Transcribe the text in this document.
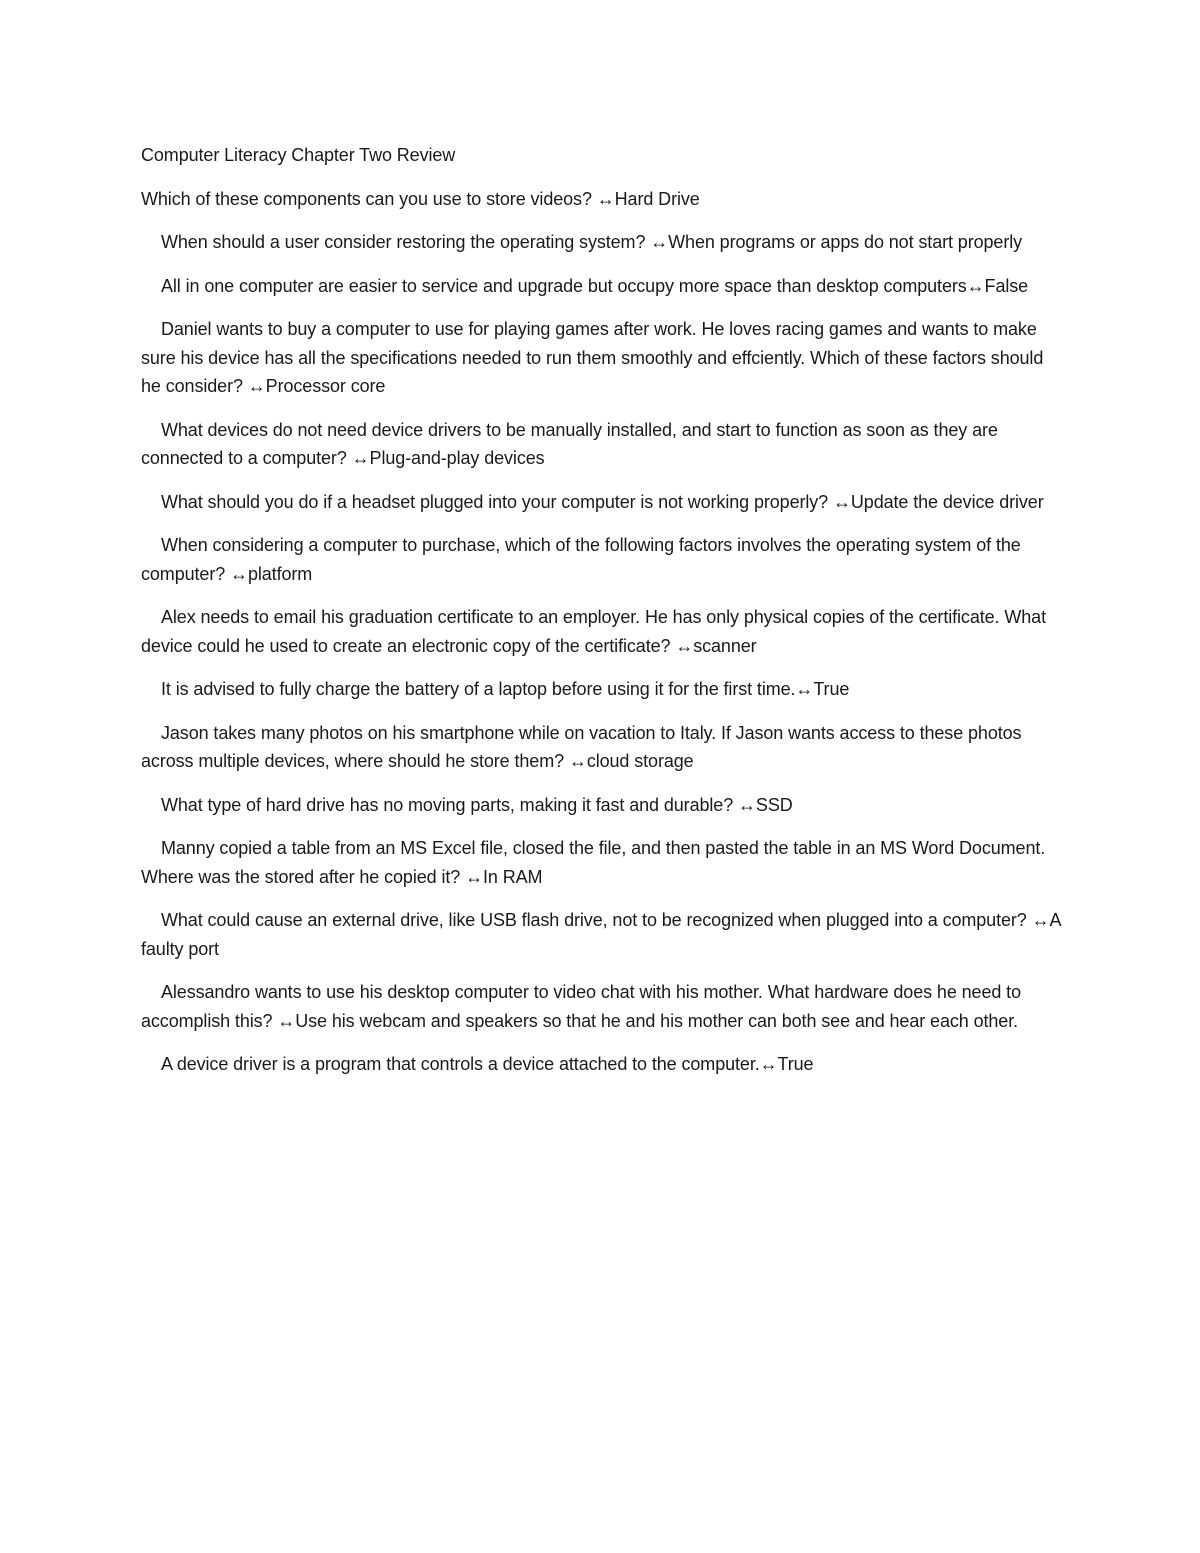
Computer Literacy Chapter Two Review

Which of these components can you use to store videos? ↔Hard Drive

When should a user consider restoring the operating system? ↔When programs or apps do not start properly

All in one computer are easier to service and upgrade but occupy more space than desktop computers↔False

Daniel wants to buy a computer to use for playing games after work. He loves racing games and wants to make sure his device has all the specifications needed to run them smoothly and effciently. Which of these factors should he consider? ↔Processor core

What devices do not need device drivers to be manually installed, and start to function as soon as they are connected to a computer? ↔Plug-and-play devices

What should you do if a headset plugged into your computer is not working properly? ↔Update the device driver

When considering a computer to purchase, which of the following factors involves the operating system of the computer? ↔platform

Alex needs to email his graduation certificate to an employer. He has only physical copies of the certificate. What device could he used to create an electronic copy of the certificate? ↔scanner

It is advised to fully charge the battery of a laptop before using it for the first time.↔True

Jason takes many photos on his smartphone while on vacation to Italy. If Jason wants access to these photos across multiple devices, where should he store them? ↔cloud storage

What type of hard drive has no moving parts, making it fast and durable? ↔SSD

Manny copied a table from an MS Excel file, closed the file, and then pasted the table in an MS Word Document. Where was the stored after he copied it? ↔In RAM

What could cause an external drive, like USB flash drive, not to be recognized when plugged into a computer? ↔A faulty port

Alessandro wants to use his desktop computer to video chat with his mother. What hardware does he need to accomplish this? ↔Use his webcam and speakers so that he and his mother can both see and hear each other.

A device driver is a program that controls a device attached to the computer.↔True
